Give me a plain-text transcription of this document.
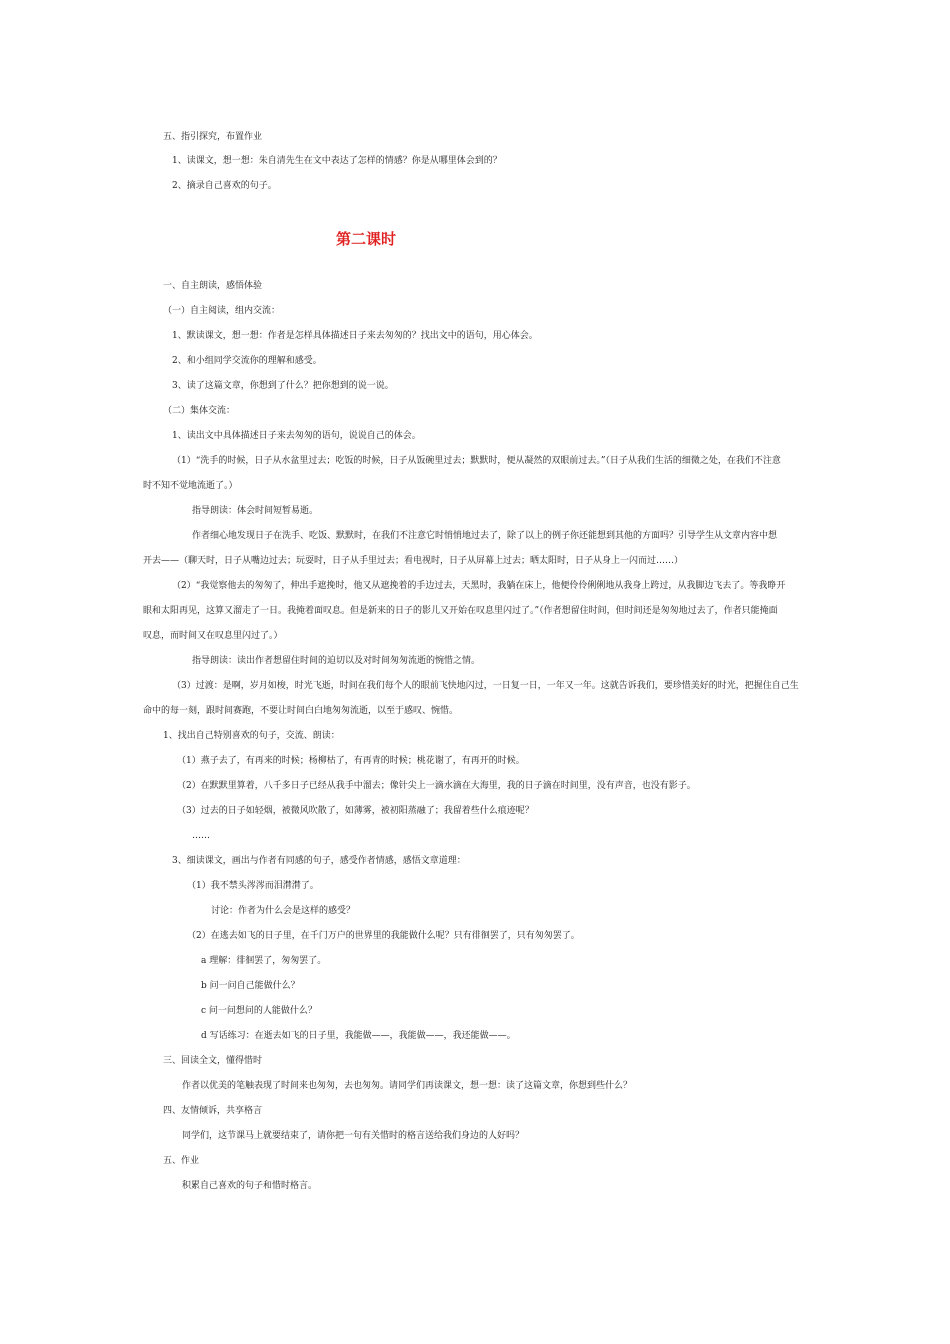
五、指引探究，布置作业

1、读课文，想一想：朱自清先生在文中表达了怎样的情感？你是从哪里体会到的？

2、摘录自己喜欢的句子。

第二课时

一、自主朗读，感悟体验

（一）自主阅读，组内交流：

1、默读课文，想一想：作者是怎样具体描述日子来去匆匆的？找出文中的语句，用心体会。

2、和小组同学交流你的理解和感受。

3、读了这篇文章，你想到了什么？把你想到的说一说。

（二）集体交流：

1、读出文中具体描述日子来去匆匆的语句，说说自己的体会。

（1）“洗手的时候，日子从水盆里过去；吃饭的时候，日子从饭碗里过去；默默时，便从凝然的双眼前过去。”（日子从我们生活的细微之处，在我们不注意

时不知不觉地流逝了。）

指导朗读：体会时间短暂易逝。

作者细心地发现日子在洗手、吃饭、默默时，在我们不注意它时悄悄地过去了，除了以上的例子你还能想到其他的方面吗？引导学生从文章内容中想

开去——（聊天时，日子从嘴边过去；玩耍时，日子从手里过去；看电视时，日子从屏幕上过去；晒太阳时，日子从身上一闪而过……）

（2）“我觉察他去的匆匆了，伸出手遮挽时，他又从遮挽着的手边过去，天黑时，我躺在床上，他便伶伶俐俐地从我身上跨过，从我脚边飞去了。等我睁开

眼和太阳再见，这算又溜走了一日。我掩着面叹息。但是新来的日子的影儿又开始在叹息里闪过了。”（作者想留住时间，但时间还是匆匆地过去了，作者只能掩面

叹息，而时间又在叹息里闪过了。）

指导朗读：读出作者想留住时间的迫切以及对时间匆匆流逝的惋惜之情。

（3）过渡：是啊，岁月如梭，时光飞逝，时间在我们每个人的眼前飞快地闪过，一日复一日，一年又一年。这就告诉我们，要珍惜美好的时光，把握住自己生

命中的每一刻，跟时间赛跑，不要让时间白白地匆匆流逝，以至于感叹、惋惜。

1、找出自己特别喜欢的句子，交流、朗读：

（1）燕子去了，有再来的时候；杨柳枯了，有再青的时候；桃花谢了，有再开的时候。

（2）在默默里算着，八千多日子已经从我手中溜去；像针尖上一滴水滴在大海里，我的日子滴在时间里，没有声音，也没有影子。

（3）过去的日子如轻烟，被微风吹散了，如薄雾，被初阳蒸融了；我留着些什么痕迹呢？

……

3、细读课文，画出与作者有同感的句子，感受作者情感，感悟文章道理：

（1）我不禁头涔涔而泪潸潸了。

讨论：作者为什么会是这样的感受？

（2）在逃去如飞的日子里，在千门万户的世界里的我能做什么呢？只有徘徊罢了，只有匆匆罢了。

a 理解：徘徊罢了，匆匆罢了。

b 问一问自己能做什么？

c 问一问想问的人能做什么？

d 写话练习：在逝去如飞的日子里，我能做——，我能做——，我还能做——。

三、回读全文，懂得惜时

作者以优美的笔触表现了时间来也匆匆，去也匆匆。请同学们再读课文，想一想：读了这篇文章，你想到些什么？

四、友情倾诉，共享格言

同学们，这节课马上就要结束了，请你把一句有关惜时的格言送给我们身边的人好吗？

五、作业

积累自己喜欢的句子和惜时格言。
